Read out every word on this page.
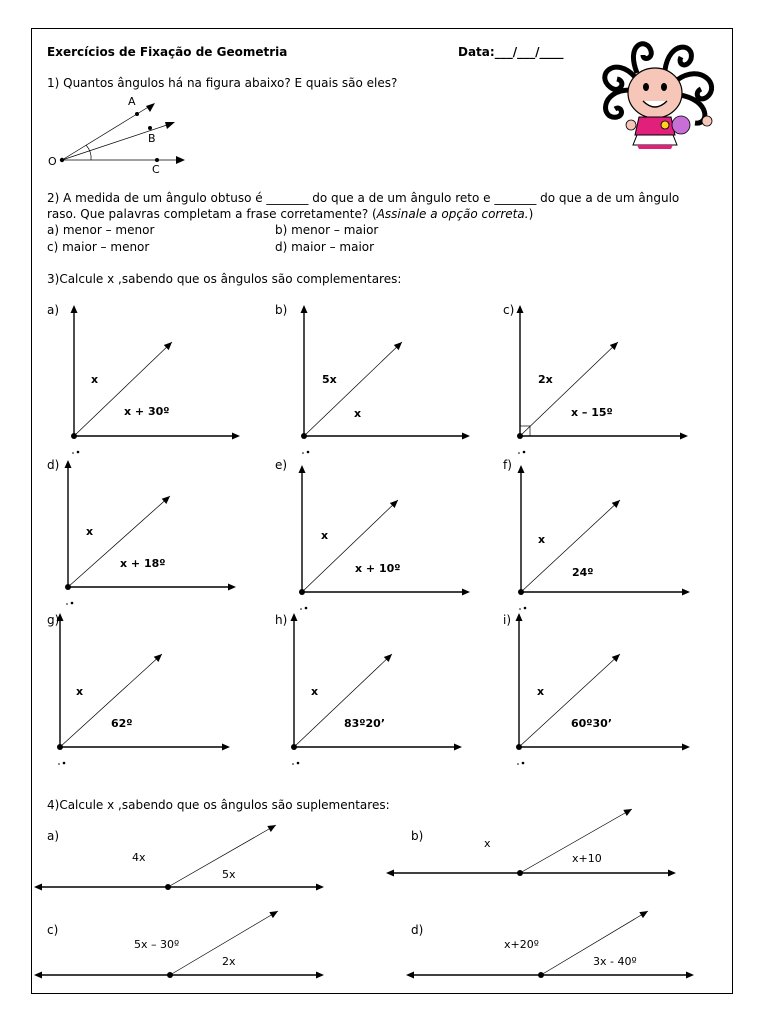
Exercícios de Fixação de Geometria	Data:___/___/____
1) Quantos ângulos há na figura abaixo? E quais são eles?
O
A
B
C
2) A medida de um ângulo obtuso é _______ do que a de um ângulo reto e _______ do que a de um ângulo
raso. Que palavras completam a frase corretamente? (Assinale a opção correta.)
a) menor – menor	b) menor – maior
c) maior – menor	d) maior – maior
3)Calcule x ,sabendo que os ângulos são complementares:
a)
x
x + 30º
b)
5x
x
c)
2x
x – 15º
d)
x
x + 18º
e)
x
x + 10º
f)
x
24º
g)
x
62º
h)
x
83º20’
i)
x
60º30’
4)Calcule x ,sabendo que os ângulos são suplementares:
a)
4x
5x
b)
x
x+10
c)
5x – 30º
2x
d)
x+20º
3x - 40º
